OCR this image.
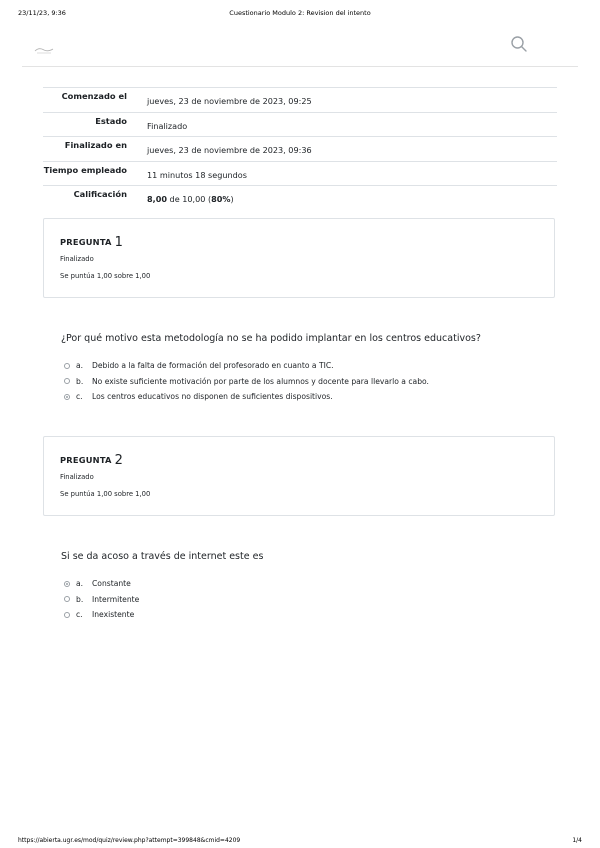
23/11/23, 9:36	Cuestionario Modulo 2: Revision del intento
Comenzado el	jueves, 23 de noviembre de 2023, 09:25
Estado	Finalizado
Finalizado en	jueves, 23 de noviembre de 2023, 09:36
Tiempo empleado	11 minutos 18 segundos
Calificación	8,00 de 10,00 (80%)
PREGUNTA 1
Finalizado
Se puntúa 1,00 sobre 1,00
¿Por qué motivo esta metodología no se ha podido implantar en los centros educativos?
a.	Debido a la falta de formación del profesorado en cuanto a TIC.
b.	No existe suficiente motivación por parte de los alumnos y docente para llevarlo a cabo.
c.	Los centros educativos no disponen de suficientes dispositivos.
PREGUNTA 2
Finalizado
Se puntúa 1,00 sobre 1,00
Si se da acoso a través de internet este es
a.	Constante
b.	Intermitente
c.	Inexistente
https://abierta.ugr.es/mod/quiz/review.php?attempt=399848&cmid=4209	1/4
